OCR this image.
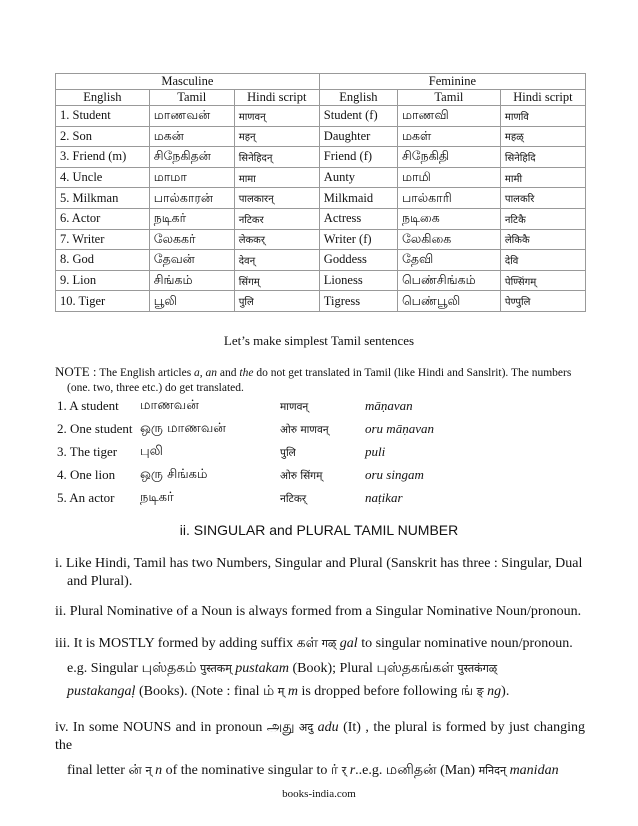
Masculine			Feminine		
English	Tamil	Hindi script	English	Tamil	Hindi script
1. Student	மாணவன்	माणवन्	Student (f)	மாணவி	माणवि
2. Son	மகன்	महन्	Daughter	மகள்	महळ्
3. Friend (m)	சிநேகிதன்	सिनेहिदन्	Friend (f)	சிநேகிதி	सिनेहिदि
4. Uncle	மாமா	मामा	Aunty	மாமி	मामी
5. Milkman	பால்காரன்	पालकारन्	Milkmaid	பால்காரி	पालकरि
6. Actor	நடிகர்	नटिकर	Actress	நடிகை	नटिकै
7. Writer	லேககர்	लेककर्	Writer (f)	லேகிகை	लेकिकै
8. God	தேவன்	देवन्	Goddess	தேவி	देवि
9. Lion	சிங்கம்	सिंगम्	Lioness	பெண்சிங்கம்	पेण्सिंगम्
10. Tiger	பூலி	पुलि	Tigress	பெண்பூலி	पेण्पुलि
Let’s make simplest Tamil sentences
NOTE : The English articles a, an and the do not get translated in Tamil (like Hindi and Sanslrit). The numbers
(one. two, three etc.) do get translated.
1. A student மாணவன்	माणवन्	māṇavan
2. One student ஒரு மாணவன்	ओरु माणवन्	oru māṇavan
3. The tiger புலி	पुलि	puli
4. One lion ஒரு சிங்கம்	ओरु सिंगम्	oru singam
5. An actor நடிகர்	नटिकर्	naṭikar
ii. SINGULAR and PLURAL TAMIL NUMBER
i. Like Hindi, Tamil has two Numbers, Singular and Plural (Sanskrit has three : Singular, Dual
and Plural).
ii. Plural Nominative of a Noun is always formed from a Singular Nominative Noun/pronoun.
iii. It is MOSTLY formed by adding suffix கள் गळ् gal to singular nominative noun/pronoun.
e.g. Singular புஸ்தகம் पुस्तकम् pustakam (Book); Plural புஸ்தகங்கள் पुस्तकंगळ्
pustakangaḷ (Books). (Note : final ம் म् m is dropped before following ங் ङ् ng).
iv. In some NOUNS and in pronoun அது अदु adu (It) , the plural is formed by just changing the
final letter ன் न् n of the nominative singular to ர் र् r..e.g. மனிதன் (Man) मनिदन् manidan
books-india.com
